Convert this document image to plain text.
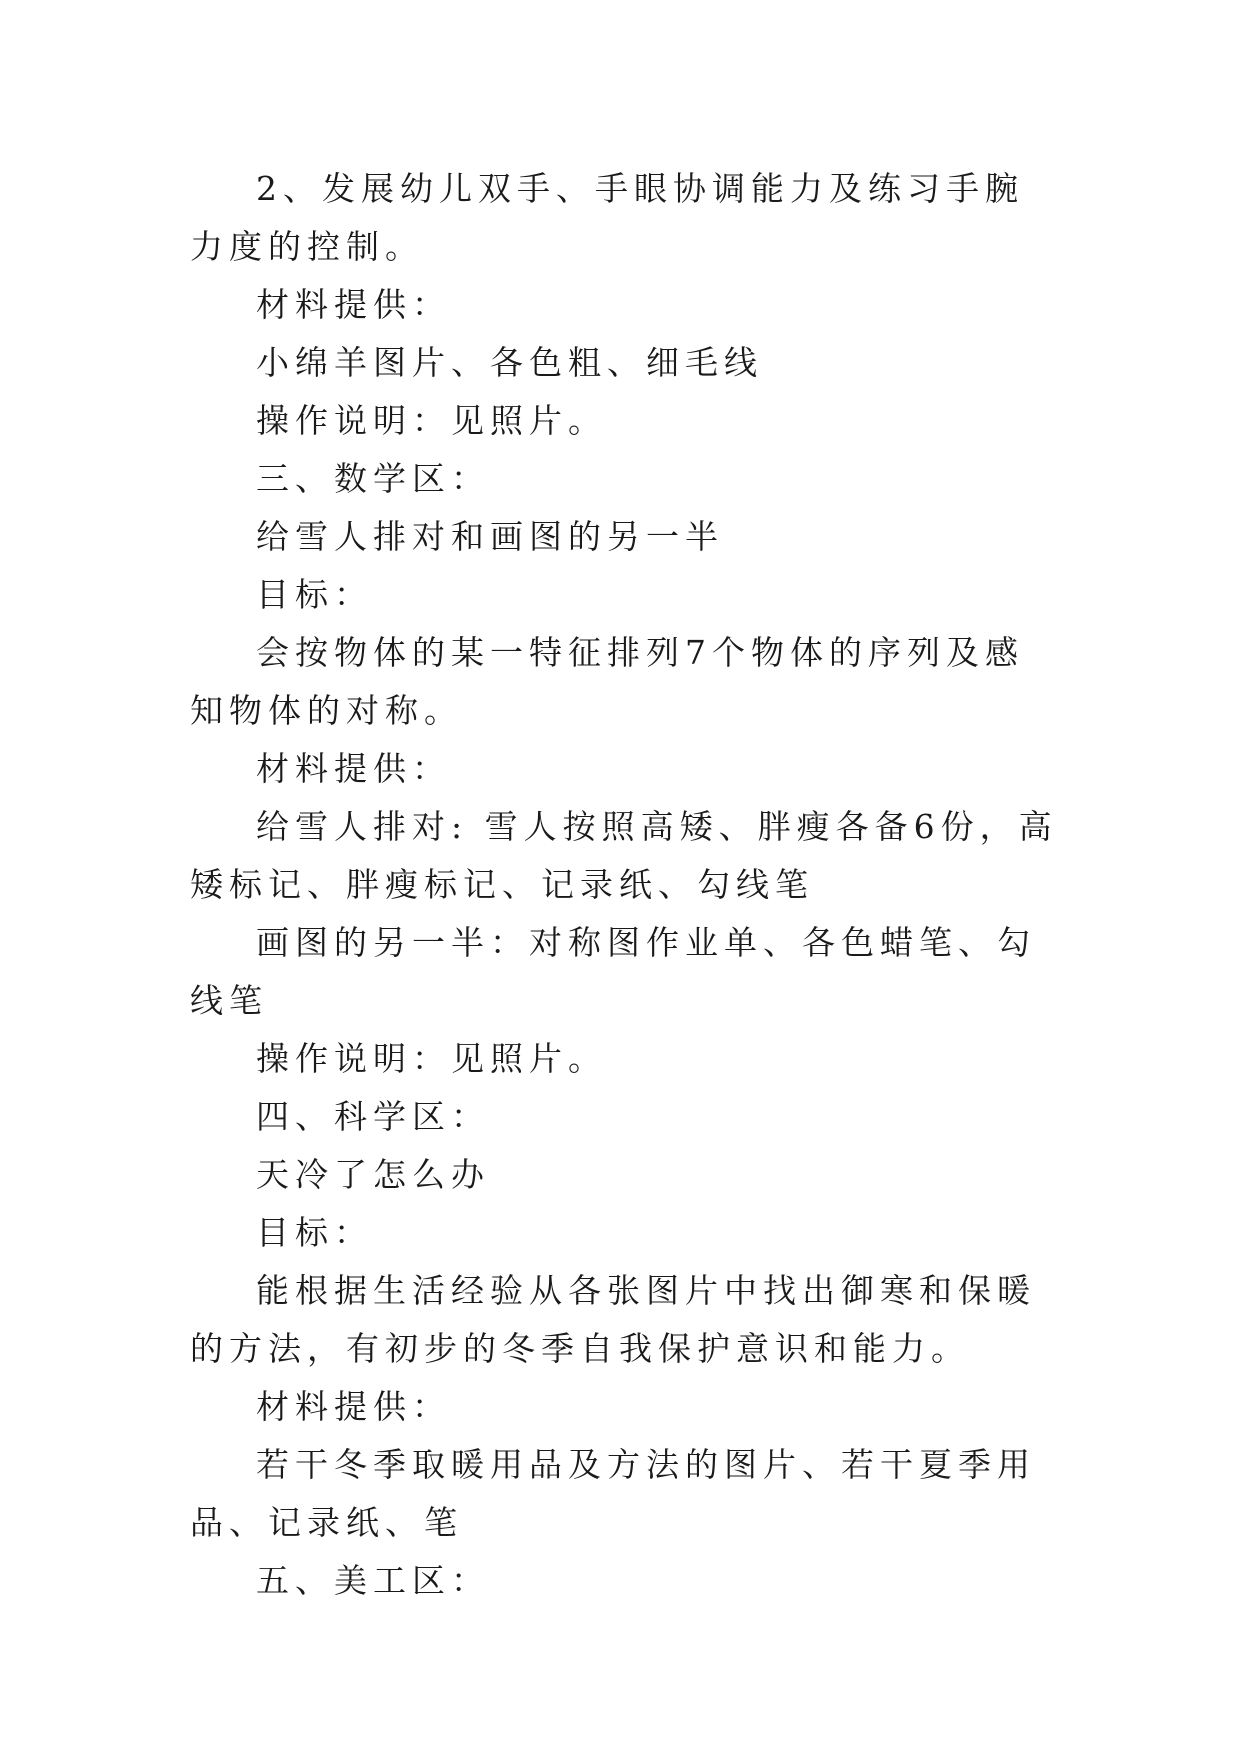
2、发展幼儿双手、手眼协调能力及练习手腕力度的控制。

材料提供：

小绵羊图片、各色粗、细毛线

操作说明：见照片。

三、数学区：

给雪人排对和画图的另一半

目标：

会按物体的某一特征排列7个物体的序列及感知物体的对称。

材料提供：

给雪人排对: 雪人按照高矮、胖瘦各备6份，高矮标记、胖瘦标记、记录纸、勾线笔

画图的另一半：对称图作业单、各色蜡笔、勾线笔

操作说明：见照片。

四、科学区：

天冷了怎么办

目标：

能根据生活经验从各张图片中找出御寒和保暖的方法，有初步的冬季自我保护意识和能力。

材料提供：

若干冬季取暖用品及方法的图片、若干夏季用品、记录纸、笔

五、美工区：
